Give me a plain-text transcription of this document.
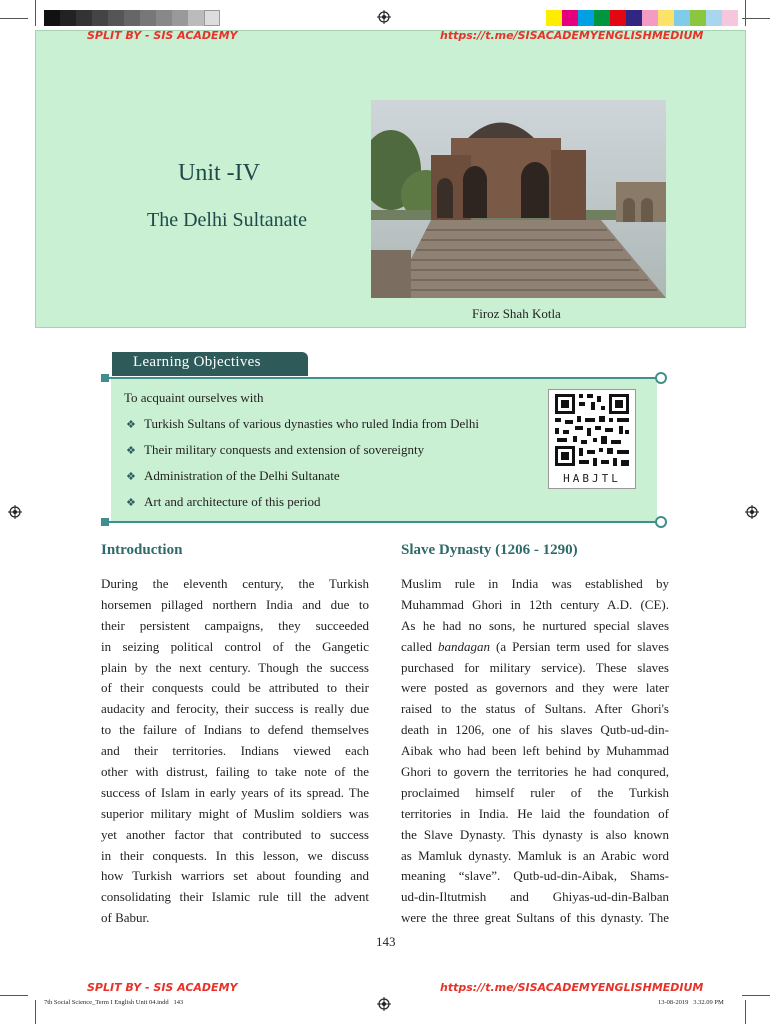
SPLIT BY - SIS ACADEMY	https://t.me/SISACADEMYENGLISHMEDIUM
Unit -IV
The Delhi Sultanate
Firoz Shah Kotla
Learning Objectives
To acquaint ourselves with
❖ Turkish Sultans of various dynasties who ruled India from Delhi
❖ Their military conquests and extension of sovereignty
❖ Administration of the Delhi Sultanate
❖ Art and architecture of this period
HABJTL
Introduction	Slave Dynasty (1206 - 1290)
During the eleventh century, the Turkish
horsemen pillaged northern India and due to
their persistent campaigns, they succeeded
in seizing political control of the Gangetic
plain by the next century. Though the success
of their conquests could be attributed to their
audacity and ferocity, their success is really due
to the failure of Indians to defend themselves
and their territories. Indians viewed each
other with distrust, failing to take note of the
success of Islam in early years of its spread. The
superior military might of Muslim soldiers was
yet another factor that contributed to success
in their conquests. In this lesson, we discuss
how Turkish warriors set about founding and
consolidating their Islamic rule till the advent
of Babur.
Muslim rule in India was established by
Muhammad Ghori in 12th century A.D. (CE).
As he had no sons, he nurtured special slaves
called bandagan (a Persian term used for slaves
purchased for military service). These slaves
were posted as governors and they were later
raised to the status of Sultans. After Ghori's
death in 1206, one of his slaves Qutb-ud-din-
Aibak who had been left behind by Muhammad
Ghori to govern the territories he had conqured,
proclaimed himself ruler of the Turkish
territories in India. He laid the foundation of
the Slave Dynasty. This dynasty is also known
as Mamluk dynasty. Mamluk is an Arabic word
meaning “slave”. Qutb-ud-din-Aibak, Shams-
ud-din-Iltutmish and Ghiyas-ud-din-Balban
were the three great Sultans of this dynasty. The
143
SPLIT BY - SIS ACADEMY	https://t.me/SISACADEMYENGLISHMEDIUM
7th Social Science_Term I English Unit 04.indd   143	13-08-2019   3.32.09 PM
